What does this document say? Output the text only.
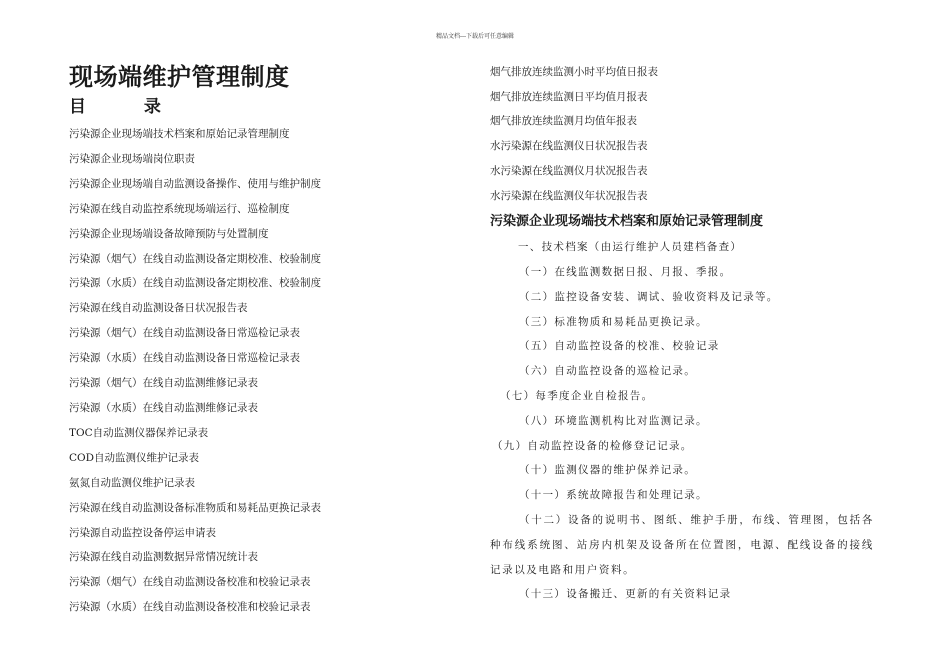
精品文档---下载后可任意编辑
现场端维护管理制度
目 录
污染源企业现场端技术档案和原始记录管理制度
污染源企业现场端岗位职责
污染源企业现场端自动监测设备操作、使用与维护制度
污染源在线自动监控系统现场端运行、巡检制度
污染源企业现场端设备故障预防与处置制度
污染源（烟气）在线自动监测设备定期校准、校验制度
污染源（水质）在线自动监测设备定期校准、校验制度
污染源在线自动监测设备日状况报告表
污染源（烟气）在线自动监测设备日常巡检记录表
污染源（水质）在线自动监测设备日常巡检记录表
污染源（烟气）在线自动监测维修记录表
污染源（水质）在线自动监测维修记录表
TOC自动监测仪器保养记录表
COD自动监测仪维护记录表
氨氮自动监测仪维护记录表
污染源在线自动监测设备标准物质和易耗品更换记录表
污染源自动监控设备停运申请表
污染源在线自动监测数据异常情况统计表
污染源（烟气）在线自动监测设备校准和校验记录表
污染源（水质）在线自动监测设备校准和校验记录表
烟气排放连续监测小时平均值日报表
烟气排放连续监测日平均值月报表
烟气排放连续监测月均值年报表
水污染源在线监测仪日状况报告表
水污染源在线监测仪月状况报告表
水污染源在线监测仪年状况报告表
污染源企业现场端技术档案和原始记录管理制度

一、技术档案（由运行维护人员建档备查）

（一）在线监测数据日报、月报、季报。

（二）监控设备安装、调试、验收资料及记录等。

（三）标准物质和易耗品更换记录。

（五）自动监控设备的校准、校验记录

（六）自动监控设备的巡检记录。

（七）每季度企业自检报告。

（八）环境监测机构比对监测记录。

（九）自动监控设备的检修登记记录。

（十）监测仪器的维护保养记录。

（十一）系统故障报告和处理记录。

（十二）设备的说明书、图纸、维护手册，布线、管理图，包括各种布线系统图、站房内机架及设备所在位置图，电源、配线设备的接线记录以及电路和用户资料。

（十三）设备搬迁、更新的有关资料记录
